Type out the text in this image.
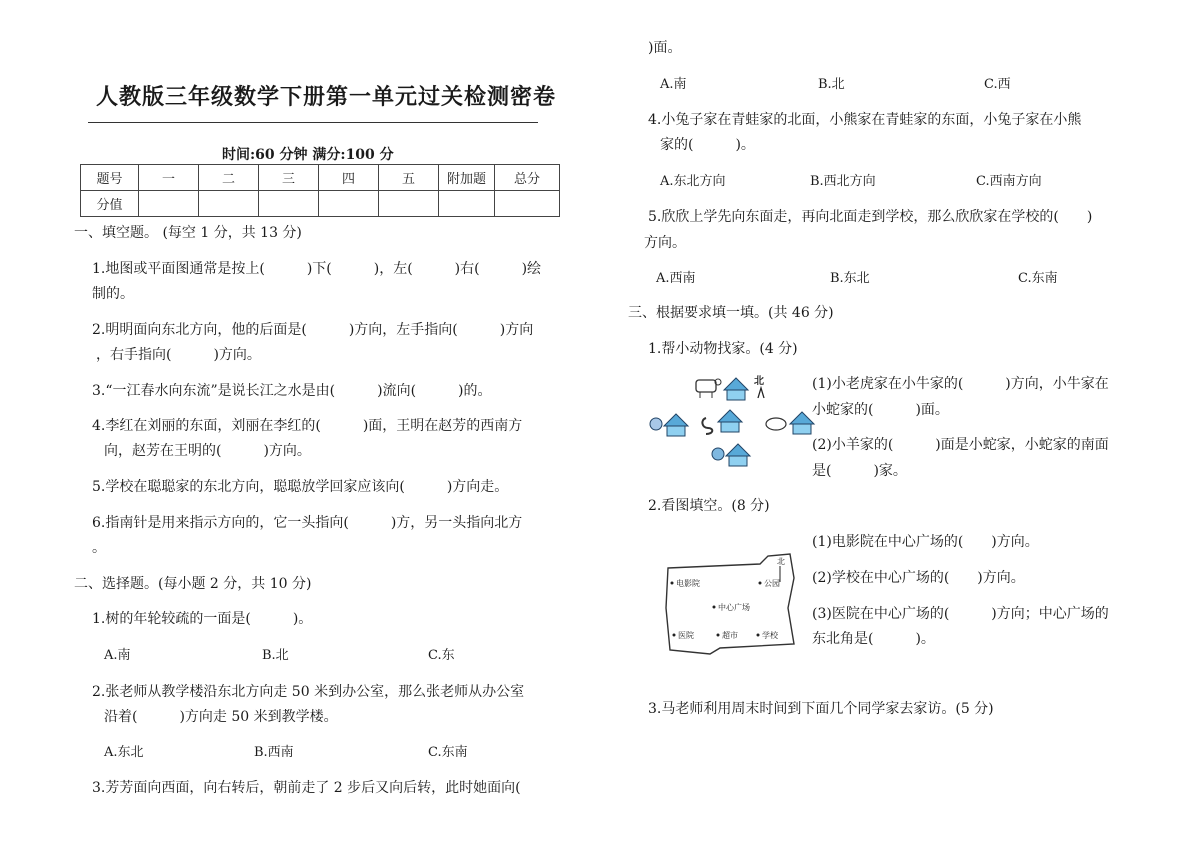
人教版三年级数学下册第一单元过关检测密卷
时间:60 分钟 满分:100 分
题号	一	二	三	四	五	附加题	总分
分值							
一、填空题。 (每空 1 分，共 13 分)
1.地图或平面图通常是按上(　　　)下(　　　)，左(　　　)右(　　　)绘
制的。
2.明明面向东北方向，他的后面是(　　　)方向，左手指向(　　　)方向
，右手指向(　　　)方向。
3.“一江春水向东流”是说长江之水是由(　　　)流向(　　　)的。
4.李红在刘丽的东面，刘丽在李红的(　　　)面，王明在赵芳的西南方
向，赵芳在王明的(　　　)方向。
5.学校在聪聪家的东北方向，聪聪放学回家应该向(　　　)方向走。
6.指南针是用来指示方向的，它一头指向(　　　)方，另一头指向北方
。
二、选择题。(每小题 2 分，共 10 分)
1.树的年轮较疏的一面是(　　　)。
A.南	B.北	C.东
2.张老师从教学楼沿东北方向走 50 米到办公室，那么张老师从办公室
沿着(　　　)方向走 50 米到教学楼。
A.东北	B.西南	C.东南
3.芳芳面向西面，向右转后，朝前走了 2 步后又向后转，此时她面向(
)面。
A.南	B.北	C.西
4.小兔子家在青蛙家的北面，小熊家在青蛙家的东面，小兔子家在小熊
家的(　　　)。
A.东北方向	B.西北方向	C.西南方向
5.欣欣上学先向东面走，再向北面走到学校，那么欣欣家在学校的(　　)
方向。
A.西南	B.东北	C.东南
三、根据要求填一填。(共 46 分)
1.帮小动物找家。(4 分)
北	(1)小老虎家在小牛家的(　　　)方向，小牛家在
小蛇家的(　　　)面。
(2)小羊家的(　　　)面是小蛇家，小蛇家的南面
是(　　　)家。
2.看图填空。(8 分)
北
电影院	公园
中心广场
医院	超市	学校
(1)电影院在中心广场的(　　)方向。
(2)学校在中心广场的(　　)方向。
(3)医院在中心广场的(　　　)方向；中心广场的
东北角是(　　　)。
3.马老师利用周末时间到下面几个同学家去家访。(5 分)
